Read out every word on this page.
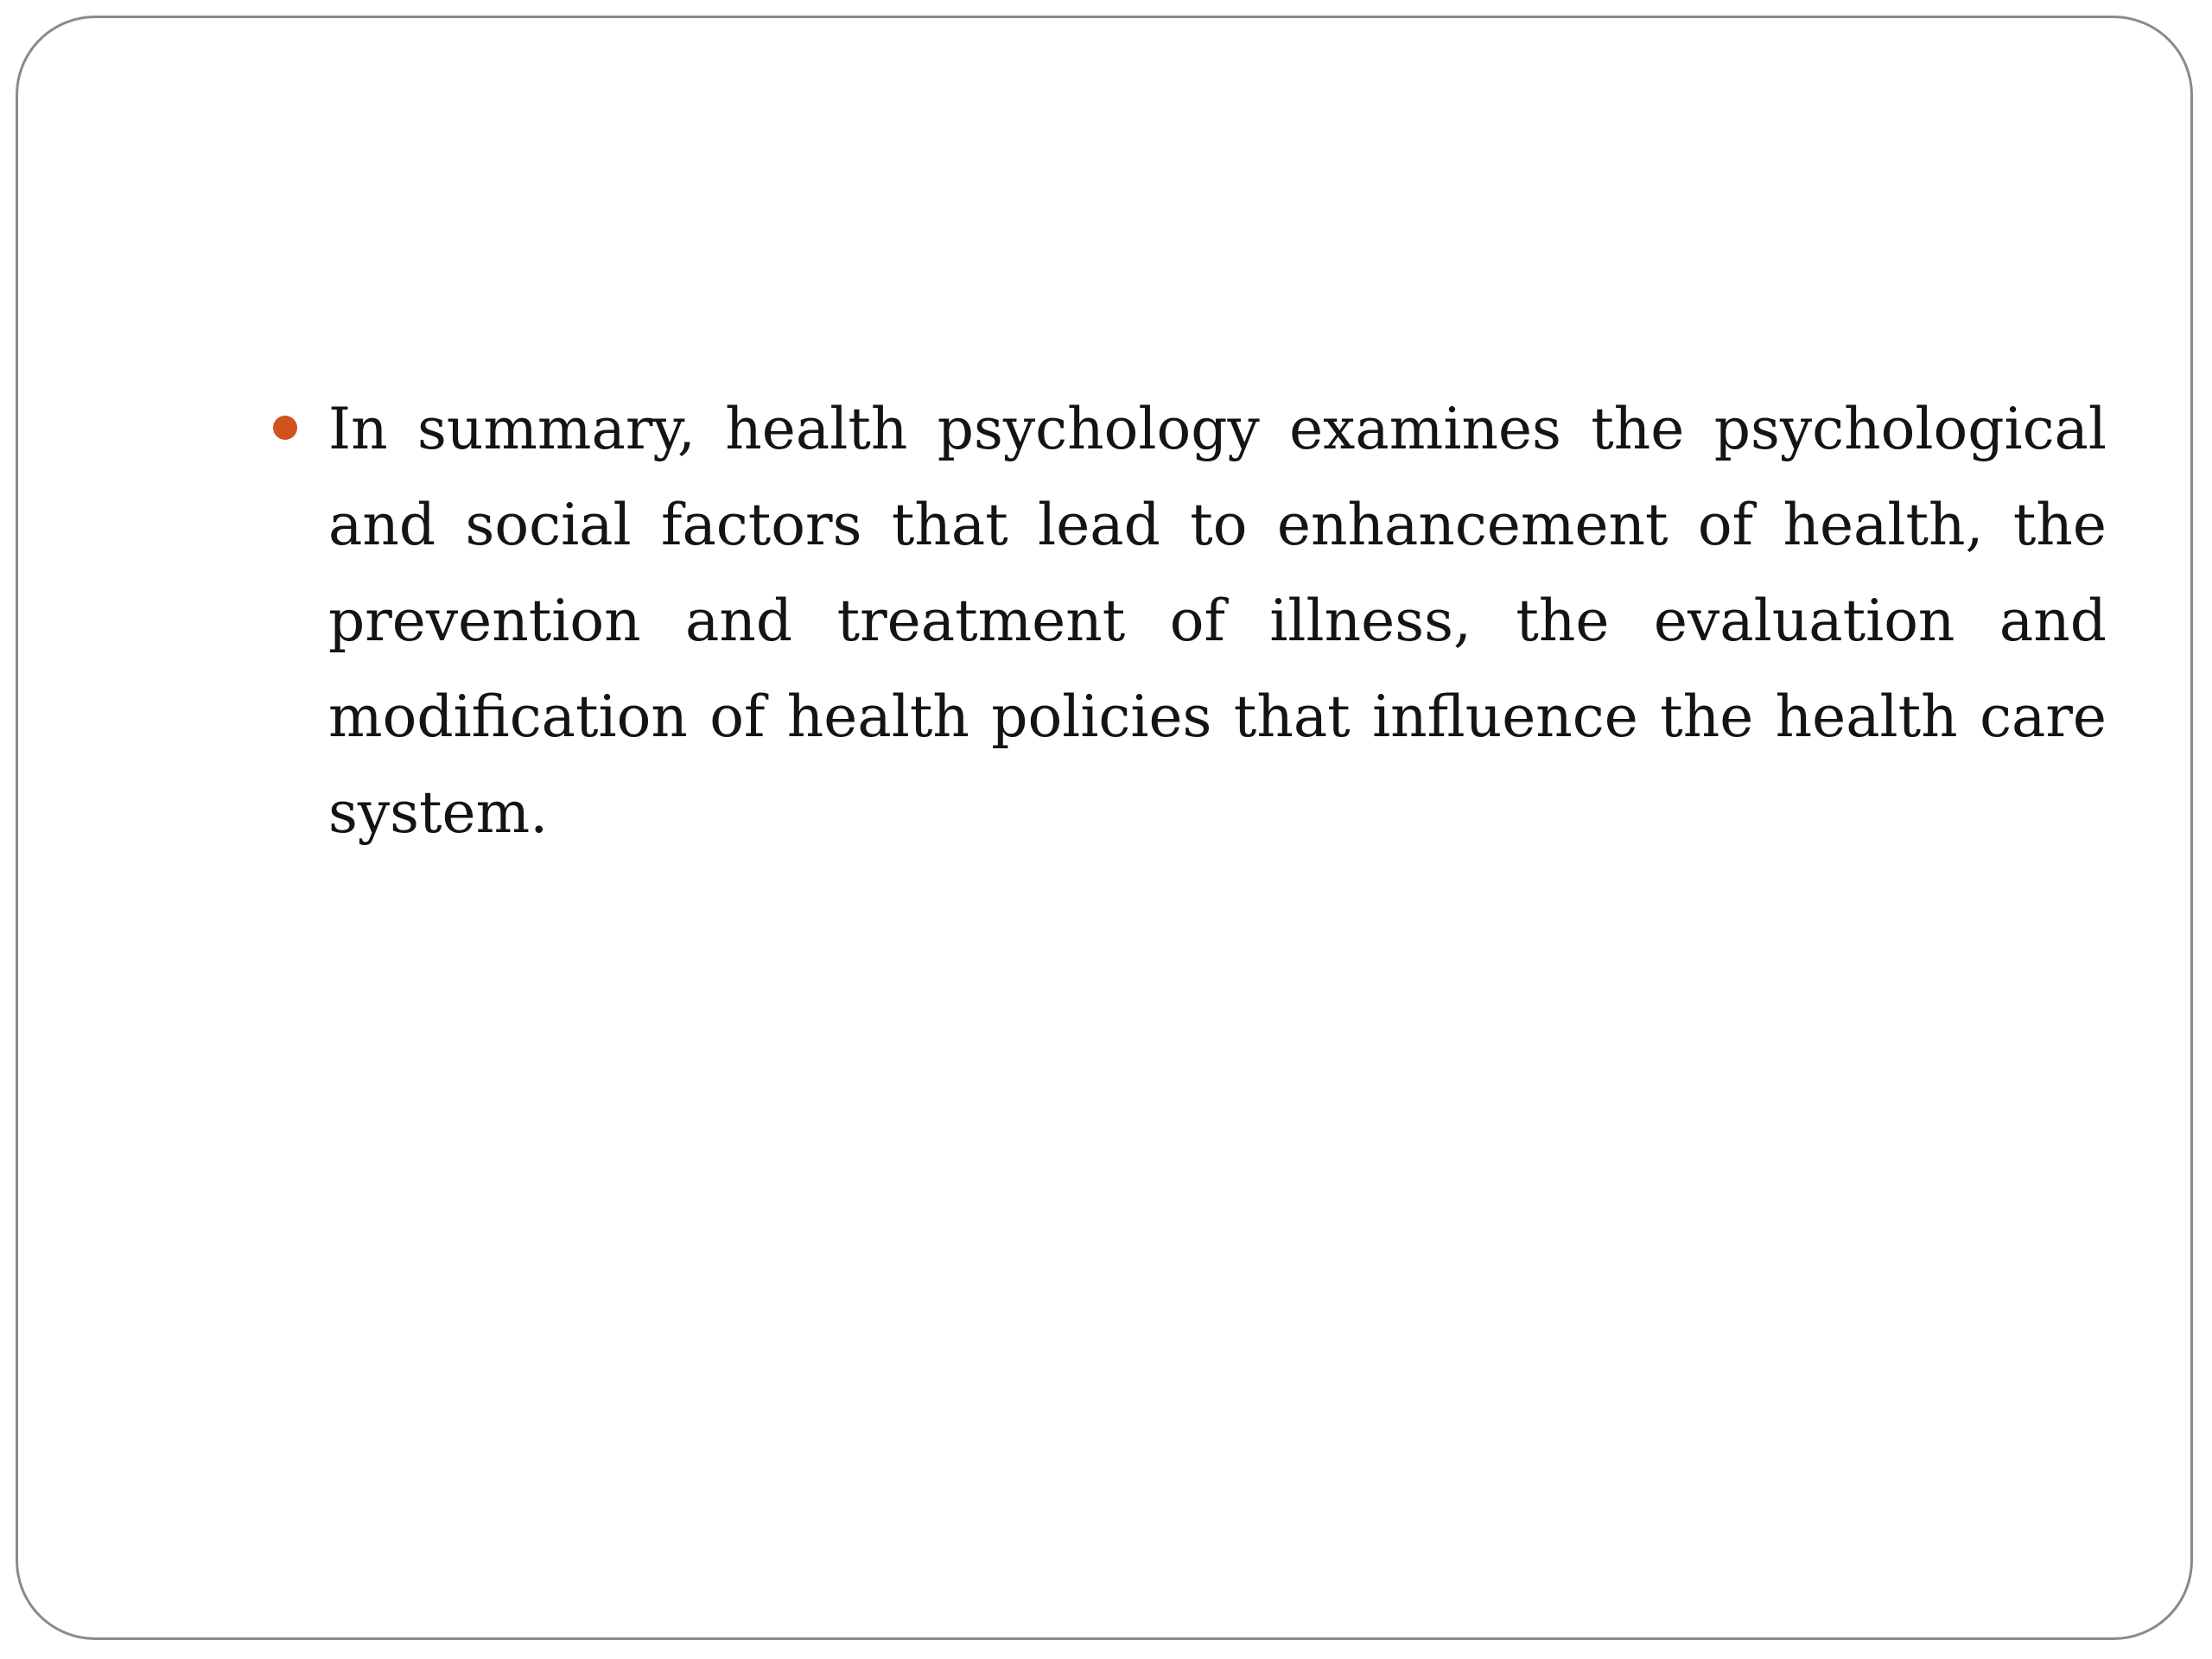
In summary, health psychology examines the psychological and social factors that lead to enhancement of health, the prevention and treatment of illness, the evaluation and modification of health policies that influence the health care system.
